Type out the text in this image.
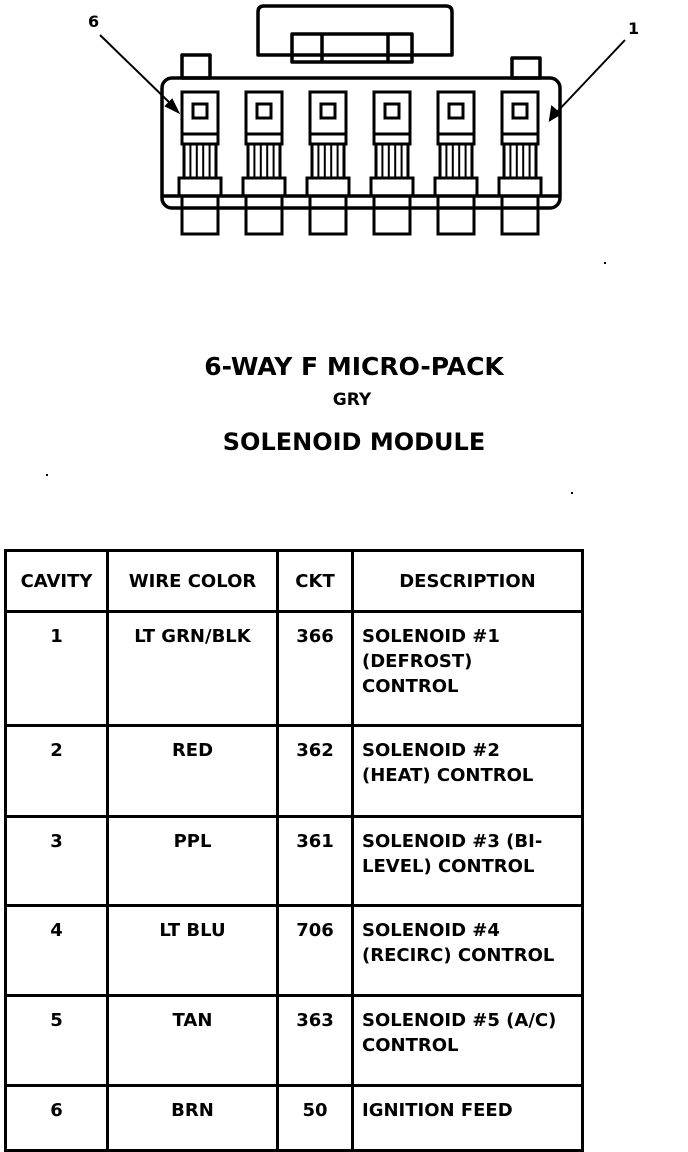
6	1
6-WAY F MICRO-PACK
GRY
SOLENOID MODULE
CAVITY	WIRE COLOR	CKT	DESCRIPTION
1	LT GRN/BLK	366	SOLENOID #1
(DEFROST)
CONTROL

2	RED	362	SOLENOID #2
(HEAT) CONTROL

3	PPL	361	SOLENOID #3 (BI-
LEVEL) CONTROL

4	LT BLU	706	SOLENOID #4
(RECIRC) CONTROL

5	TAN	363	SOLENOID #5 (A/C)
CONTROL

6	BRN	50	IGNITION FEED
